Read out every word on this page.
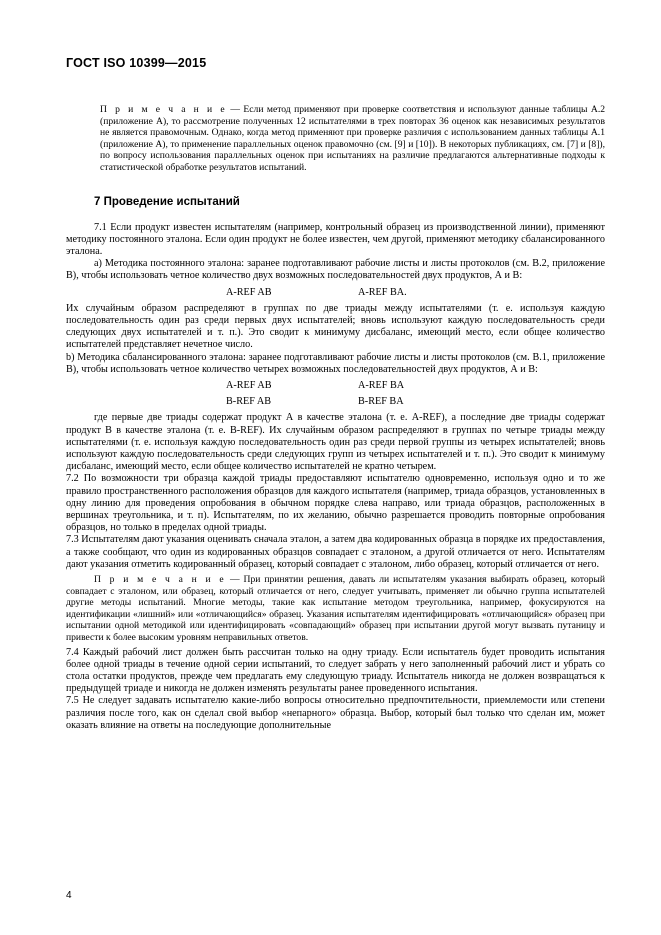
ГОСТ ISO 10399—2015
П р и м е ч а н и е — Если метод применяют при проверке соответствия и используют данные таблицы А.2 (приложение А), то рассмотрение полученных 12 испытателями в трех повторах 36 оценок как независимых результатов не является правомочным. Однако, когда метод применяют при проверке различия с использованием данных таблицы А.1 (приложение А), то применение параллельных оценок правомочно (см. [9] и [10]). В некоторых публикациях, см. [7] и [8]), по вопросу использования параллельных оценок при испытаниях на различие предлагаются альтернативные подходы к статистической обработке результатов испытаний.
7 Проведение испытаний

7.1 Если продукт известен испытателям (например, контрольный образец из производственной линии), применяют методику постоянного эталона. Если один продукт не более известен, чем другой, применяют методику сбалансированного эталона.

a) Методика постоянного эталона: заранее подготавливают рабочие листы и листы протоколов (см. В.2, приложение В), чтобы использовать четное количество двух возможных последовательностей двух продуктов, А и В:

A-REF AB	A-REF BA.

Их случайным образом распределяют в группах по две триады между испытателями (т. е. используя каждую последовательность один раз среди первых двух испытателей; вновь используют каждую последовательность среди следующих двух испытателей и т. п.). Это сводит к минимуму дисбаланс, имеющий место, если общее количество испытателей представляет нечетное число.

b) Методика сбалансированного эталона: заранее подготавливают рабочие листы и листы протоколов (см. В.1, приложение В), чтобы использовать четное количество четырех возможных последовательностей двух продуктов, А и В:

A-REF AB	A-REF BA
B-REF AB	B-REF BA

где первые две триады содержат продукт А в качестве эталона (т. е. A-REF), а последние две триады содержат продукт В в качестве эталона (т. е. B-REF). Их случайным образом распределяют в группах по четыре триады между испытателями (т. е. используя каждую последовательность один раз среди первой группы из четырех испытателей; вновь используют каждую последовательность среди следующих групп из четырех испытателей и т. п.). Это сводит к минимуму дисбаланс, имеющий место, если общее количество испытателей не кратно четырем.

7.2 По возможности три образца каждой триады предоставляют испытателю одновременно, используя одно и то же правило пространственного расположения образцов для каждого испытателя (например, триада образцов, установленных в одну линию для проведения опробования в обычном порядке слева направо, или триада образцов, расположенных в вершинах треугольника, и т. п). Испытателям, по их желанию, обычно разрешается проводить повторные опробования образцов, но только в пределах одной триады.

7.3 Испытателям дают указания оценивать сначала эталон, а затем два кодированных образца в порядке их предоставления, а также сообщают, что один из кодированных образцов совпадает с эталоном, а другой отличается от него. Испытателям дают указания отметить кодированный образец, который совпадает с эталоном, либо образец, который отличается от него.

П р и м е ч а н и е — При принятии решения, давать ли испытателям указания выбирать образец, который совпадает с эталоном, или образец, который отличается от него, следует учитывать, применяет ли обычно группа испытателей другие методы испытаний. Многие методы, такие как испытание методом треугольника, например, фокусируются на идентификации «лишний» или «отличающийся» образец. Указания испытателям идентифицировать «отличающийся» образец при испытании одной методикой или идентифицировать «совпадающий» образец при испытании другой могут вызвать путаницу и привести к более высоким уровням неправильных ответов.

7.4 Каждый рабочий лист должен быть рассчитан только на одну триаду. Если испытатель будет проводить испытания более одной триады в течение одной серии испытаний, то следует забрать у него заполненный рабочий лист и убрать со стола остатки продуктов, прежде чем предлагать ему следующую триаду. Испытатель никогда не должен возвращаться к предыдущей триаде и никогда не должен изменять результаты ранее проведенного испытания.

7.5 Не следует задавать испытателю какие-либо вопросы относительно предпочтительности, приемлемости или степени различия после того, как он сделал свой выбор «непарного» образца. Выбор, который был только что сделан им, может оказать влияние на ответы на последующие дополнительные

4
